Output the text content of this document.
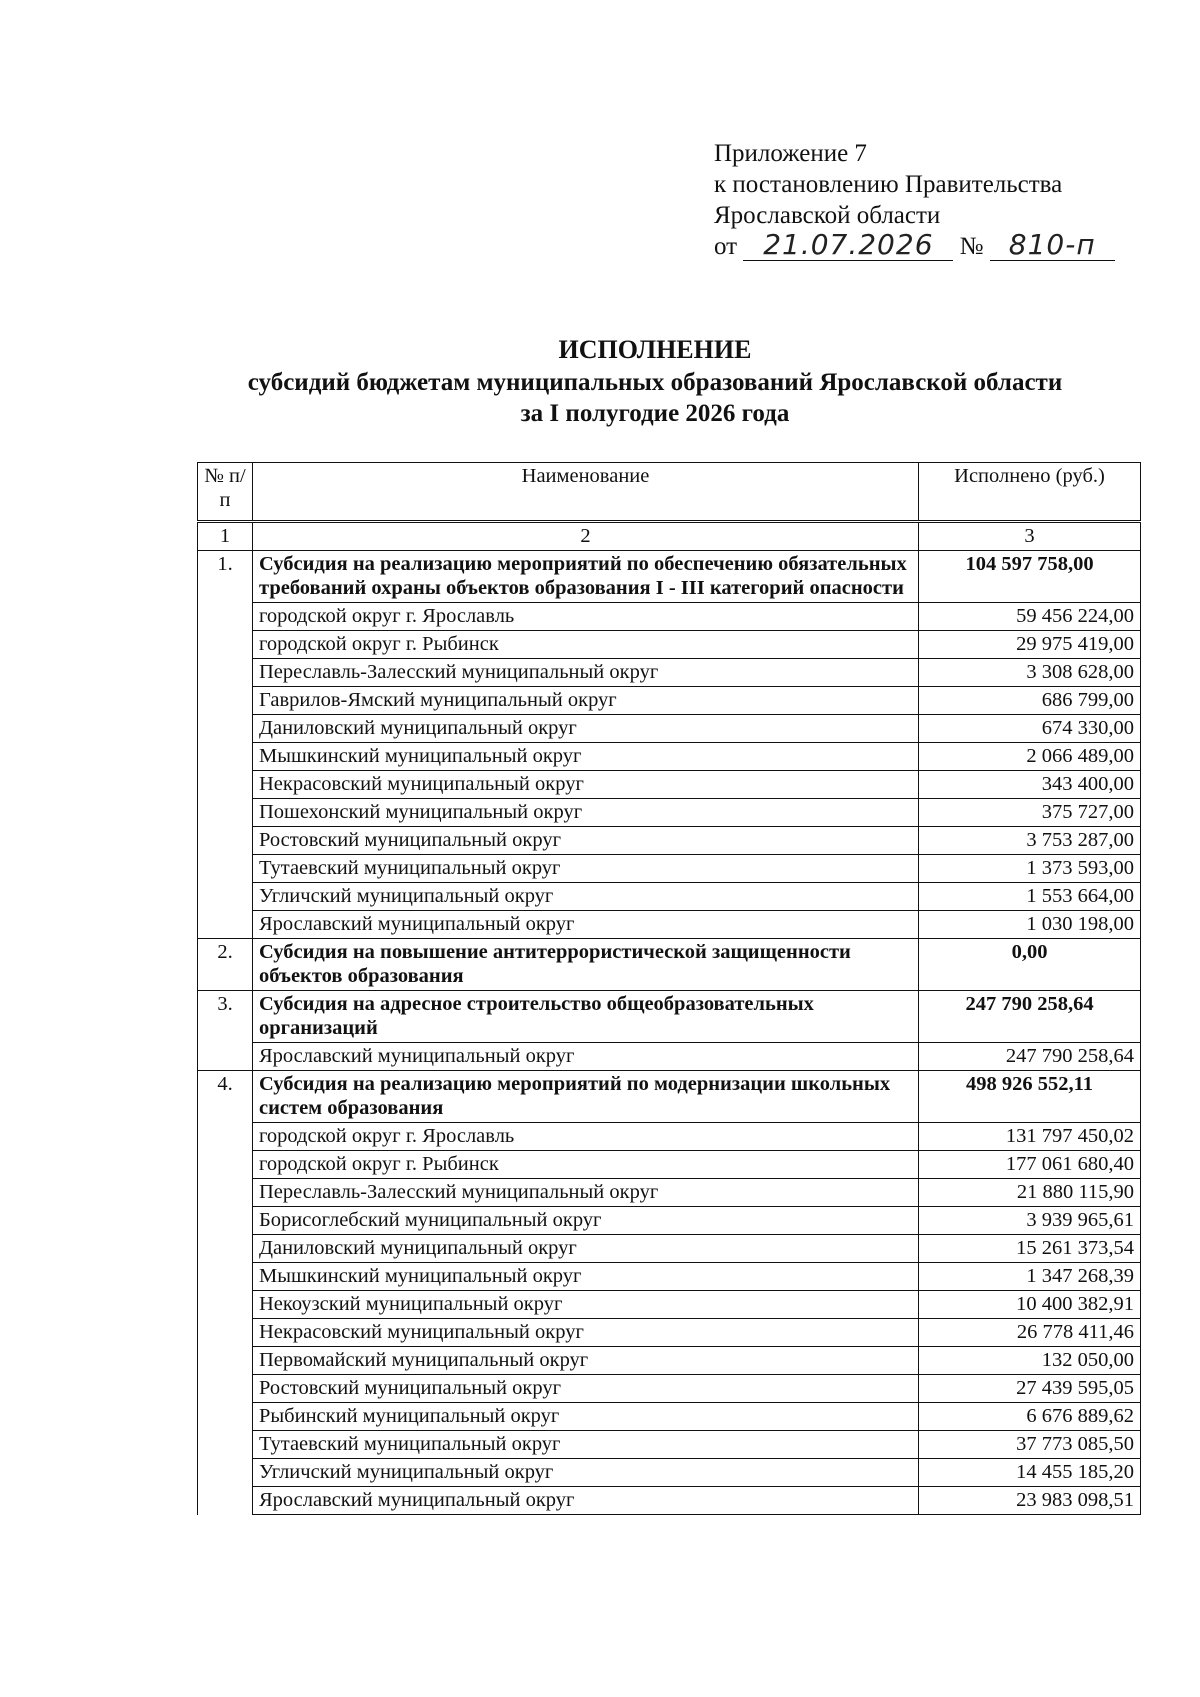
Приложение 7
к постановлению Правительства
Ярославской области
от 21.07.2026 № 810-п
ИСПОЛНЕНИЕ
субсидий бюджетам муниципальных образований Ярославской области
за I полугодие 2026 года
№ п/п	Наименование	Исполнено (руб.)
1	2	3
1.	Субсидия на реализацию мероприятий по обеспечению обязательных требований охраны объектов образования I - III категорий опасности	104 597 758,00
	городской округ г. Ярославль	59 456 224,00
	городской округ г. Рыбинск	29 975 419,00
	Переславль-Залесский муниципальный округ	3 308 628,00
	Гаврилов-Ямский муниципальный округ	686 799,00
	Даниловский муниципальный округ	674 330,00
	Мышкинский муниципальный округ	2 066 489,00
	Некрасовский муниципальный округ	343 400,00
	Пошехонский муниципальный округ	375 727,00
	Ростовский муниципальный округ	3 753 287,00
	Тутаевский муниципальный округ	1 373 593,00
	Угличский муниципальный округ	1 553 664,00
	Ярославский муниципальный округ	1 030 198,00
2.	Субсидия на повышение антитеррористической защищенности объектов образования	0,00
3.	Субсидия на адресное строительство общеобразовательных организаций	247 790 258,64
	Ярославский муниципальный округ	247 790 258,64
4.	Субсидия на реализацию мероприятий по модернизации школьных систем образования	498 926 552,11
	городской округ г. Ярославль	131 797 450,02
	городской округ г. Рыбинск	177 061 680,40
	Переславль-Залесский муниципальный округ	21 880 115,90
	Борисоглебский муниципальный округ	3 939 965,61
	Даниловский муниципальный округ	15 261 373,54
	Мышкинский муниципальный округ	1 347 268,39
	Некоузский муниципальный округ	10 400 382,91
	Некрасовский муниципальный округ	26 778 411,46
	Первомайский муниципальный округ	132 050,00
	Ростовский муниципальный округ	27 439 595,05
	Рыбинский муниципальный округ	6 676 889,62
	Тутаевский муниципальный округ	37 773 085,50
	Угличский муниципальный округ	14 455 185,20
	Ярославский муниципальный округ	23 983 098,51
